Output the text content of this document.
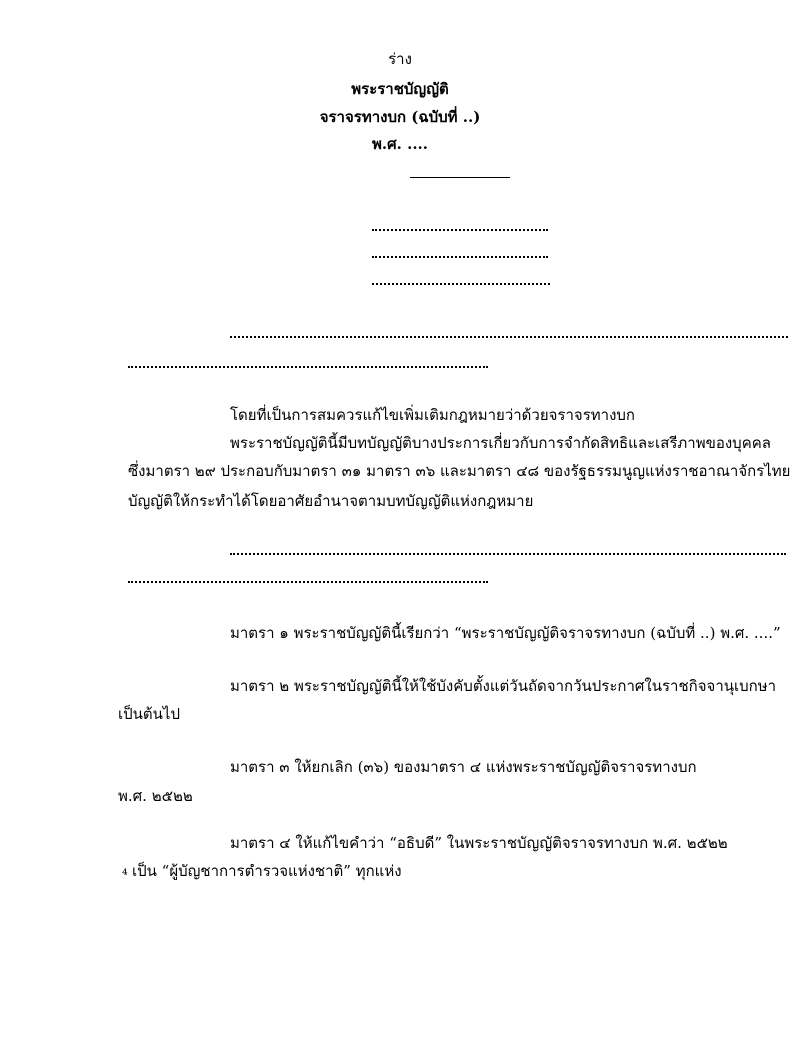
ร่าง
พระราชบัญญัติ
จราจรทางบก (ฉบับที่ ..)
พ.ศ. ....
โดยที่เป็นการสมควรแก้ไขเพิ่มเติมกฎหมายว่าด้วยจราจรทางบก
พระราชบัญญัตินี้มีบทบัญญัติบางประการเกี่ยวกับการจำกัดสิทธิและเสรีภาพของบุคคล
ซึ่งมาตรา ๒๙ ประกอบกับมาตรา ๓๑ มาตรา ๓๖ และมาตรา ๔๘ ของรัฐธรรมนูญแห่งราชอาณาจักรไทย
บัญญัติให้กระทำได้โดยอาศัยอำนาจตามบทบัญญัติแห่งกฎหมาย
มาตรา ๑ พระราชบัญญัตินี้เรียกว่า “พระราชบัญญัติจราจรทางบก (ฉบับที่ ..) พ.ศ. ....”
มาตรา ๒ พระราชบัญญัตินี้ให้ใช้บังคับตั้งแต่วันถัดจากวันประกาศในราชกิจจานุเบกษา
เป็นต้นไป
มาตรา ๓ ให้ยกเลิก (๓๖) ของมาตรา ๔ แห่งพระราชบัญญัติจราจรทางบก
พ.ศ. ๒๕๒๒
มาตรา ๔ ให้แก้ไขคำว่า “อธิบดี” ในพระราชบัญญัติจราจรทางบก พ.ศ. ๒๕๒๒
⁴ เป็น “ผู้บัญชาการตำรวจแห่งชาติ” ทุกแห่ง
